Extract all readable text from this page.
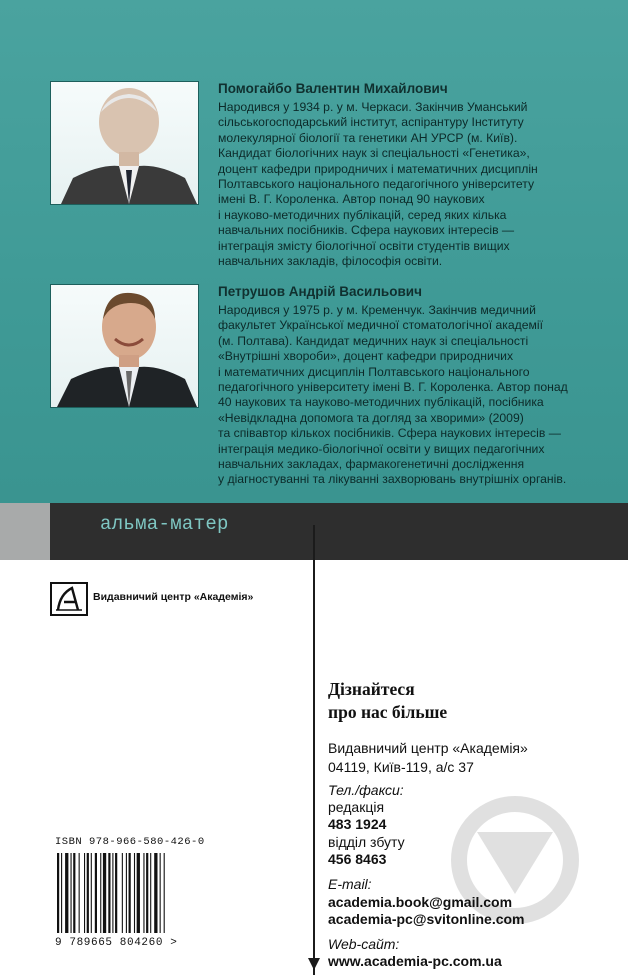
Помогайбо Валентин Михайлович
Народився у 1934 р. у м. Черкаси. Закінчив Уманський
сільськогосподарський інститут, аспірантуру Інституту
молекулярної біології та генетики АН УРСР (м. Київ).
Кандидат біологічних наук зі спеціальності «Генетика»,
доцент кафедри природничих і математичних дисциплін
Полтавського національного педагогічного університету
імені В. Г. Короленка. Автор понад 90 наукових
і науково-методичних публікацій, серед яких кілька
навчальних посібників. Сфера наукових інтересів —
інтеграція змісту біологічної освіти студентів вищих
навчальних закладів, філософія освіти.
Петрушов Андрій Васильович
Народився у 1975 р. у м. Кременчук. Закінчив медичний
факультет Української медичної стоматологічної академії
(м. Полтава). Кандидат медичних наук зі спеціальності
«Внутрішні хвороби», доцент кафедри природничих
і математичних дисциплін Полтавського національного
педагогічного університету імені В. Г. Короленка. Автор понад
40 наукових та науково-методичних публікацій, посібника
«Невідкладна допомога та догляд за хворими» (2009)
та співавтор кількох посібників. Сфера наукових інтересів —
інтеграція медико-біологічної освіти у вищих педагогічних
навчальних закладах, фармакогенетичні дослідження
у діагностуванні та лікуванні захворювань внутрішніх органів.
альма-матер
Видавничий центр «Академія»
Дізнайтеся
про нас більше
Видавничий центр «Академія»
04119, Київ-119, а/с 37
Тел./факси:
редакція
483 1924
відділ збуту
456 8463
E-mail:
academia.book@gmail.com
academia-pc@svitonline.com
Web-сайт:
www.academia-pc.com.ua
ISBN 978-966-580-426-0
9 789665 804260 >
